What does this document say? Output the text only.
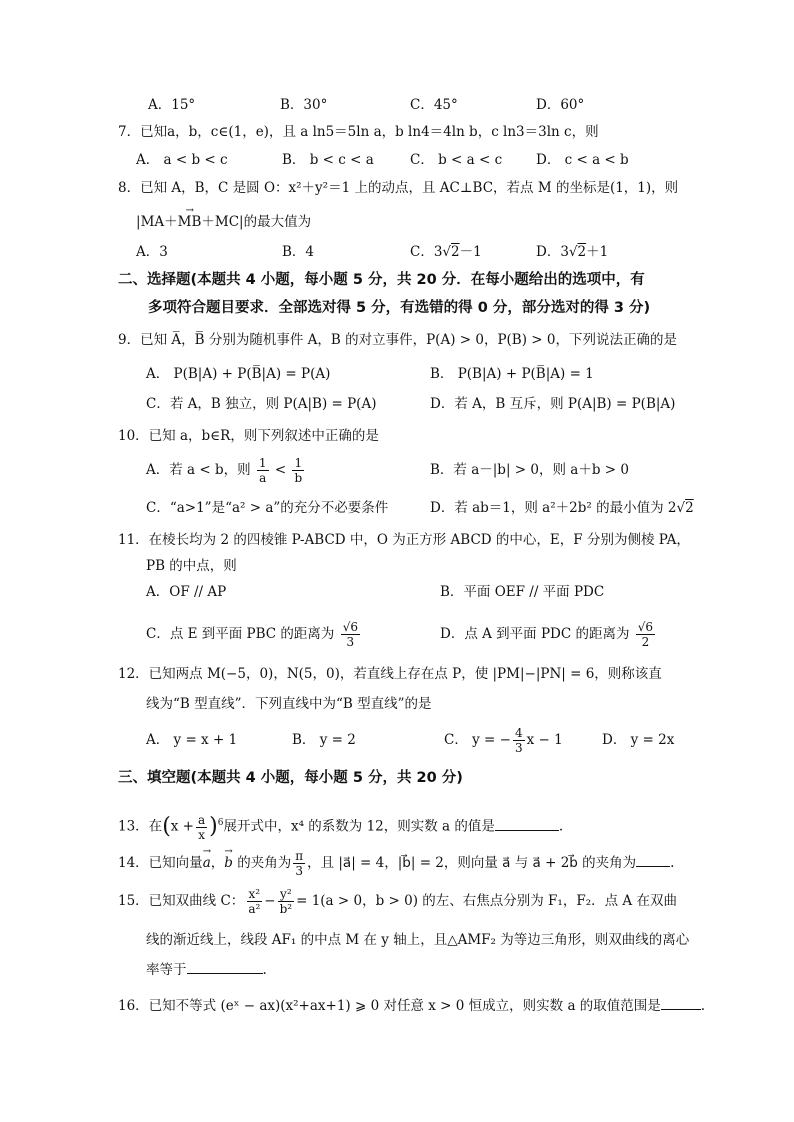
A．15°	B．30°	C．45°	D．60°
7．已知a，b，c∈(1，e)，且 a ln5＝5ln a，b ln4＝4ln b，c ln3＝3ln c，则
A． a < b < c	B． b < c < a	C． b < a < c	D． c < a < b
8．已知 A，B，C 是圆 O：x²＋y²＝1 上的动点，且 AC⊥BC，若点 M 的坐标是(1，1)，则
|→ MA＋MB＋MC|的最大值为
A．3	B．4	C．3√2－1	D．3√2＋1
二、选择题(本题共 4 小题，每小题 5 分，共 20 分．在每小题给出的选项中，有
多项符合题目要求．全部选对得 5 分，有选错的得 0 分，部分选对的得 3 分)
9．已知 A̅，B̅ 分别为随机事件 A，B 的对立事件，P(A) > 0，P(B) > 0，下列说法正确的是
A． P(B|A) + P(B̅|A) = P(A)	B． P(B|A) + P(B̅|A) = 1
C．若 A，B 独立，则 P(A|B) = P(A)	D．若 A，B 互斥，则 P(A|B) = P(B|A)
10．已知 a，b∈R，则下列叙述中正确的是
A．若 a < b，则 $\frac{1}{a} < \frac{1}{b}$	B．若 a－|b| > 0，则 a＋b > 0
C．“a>1”是“a² > a”的充分不必要条件	D．若 ab＝1，则 a²＋2b² 的最小值为 2√2
11．在棱长均为 2 的四棱锥 P-ABCD 中，O 为正方形 ABCD 的中心，E，F 分别为侧棱 PA，
PB 的中点，则
A．OF // AP	B．平面 OEF // 平面 PDC
C．点 E 到平面 PBC 的距离为 $\frac{√6}{3}$	D．点 A 到平面 PDC 的距离为 $\frac{√6}{2}$
12．已知两点 M(−5，0)，N(5，0)，若直线上存在点 P，使 |PM|−|PN| = 6，则称该直
线为“B 型直线”．下列直线中为“B 型直线”的是
A． y = x + 1	B． y = 2	C． y = − $\frac{4}{3}$ x − 1	D． y = 2x
三、填空题(本题共 4 小题，每小题 5 分，共 20 分)
13．在$(x + \frac{a}{x} )^6$展开式中，x⁴ 的系数为 12，则实数 a 的值是	.
14．已知向量→ a，→ b 的夹角为 $\frac{\pi}{3}$ ，且 |a⃗| = 4，|b⃗| = 2，则向量 a⃗ 与 a⃗ + 2b⃗ 的夹角为	.
15．已知双曲线 C： $\frac{\text{x²}}{\text{a²}} - \frac{\text{y²}}{\text{b²}} = 1(a > 0$，b > 0) 的左、右焦点分别为 F₁，F₂．点 A 在双曲
线的渐近线上，线段 AF₁ 的中点 M 在 y 轴上，且△AMF₂ 为等边三角形，则双曲线的离心
率等于	.
16．已知不等式 (eˣ − ax)(x²+ax+1) ⩾ 0 对任意 x > 0 恒成立，则实数 a 的取值范围是	.
